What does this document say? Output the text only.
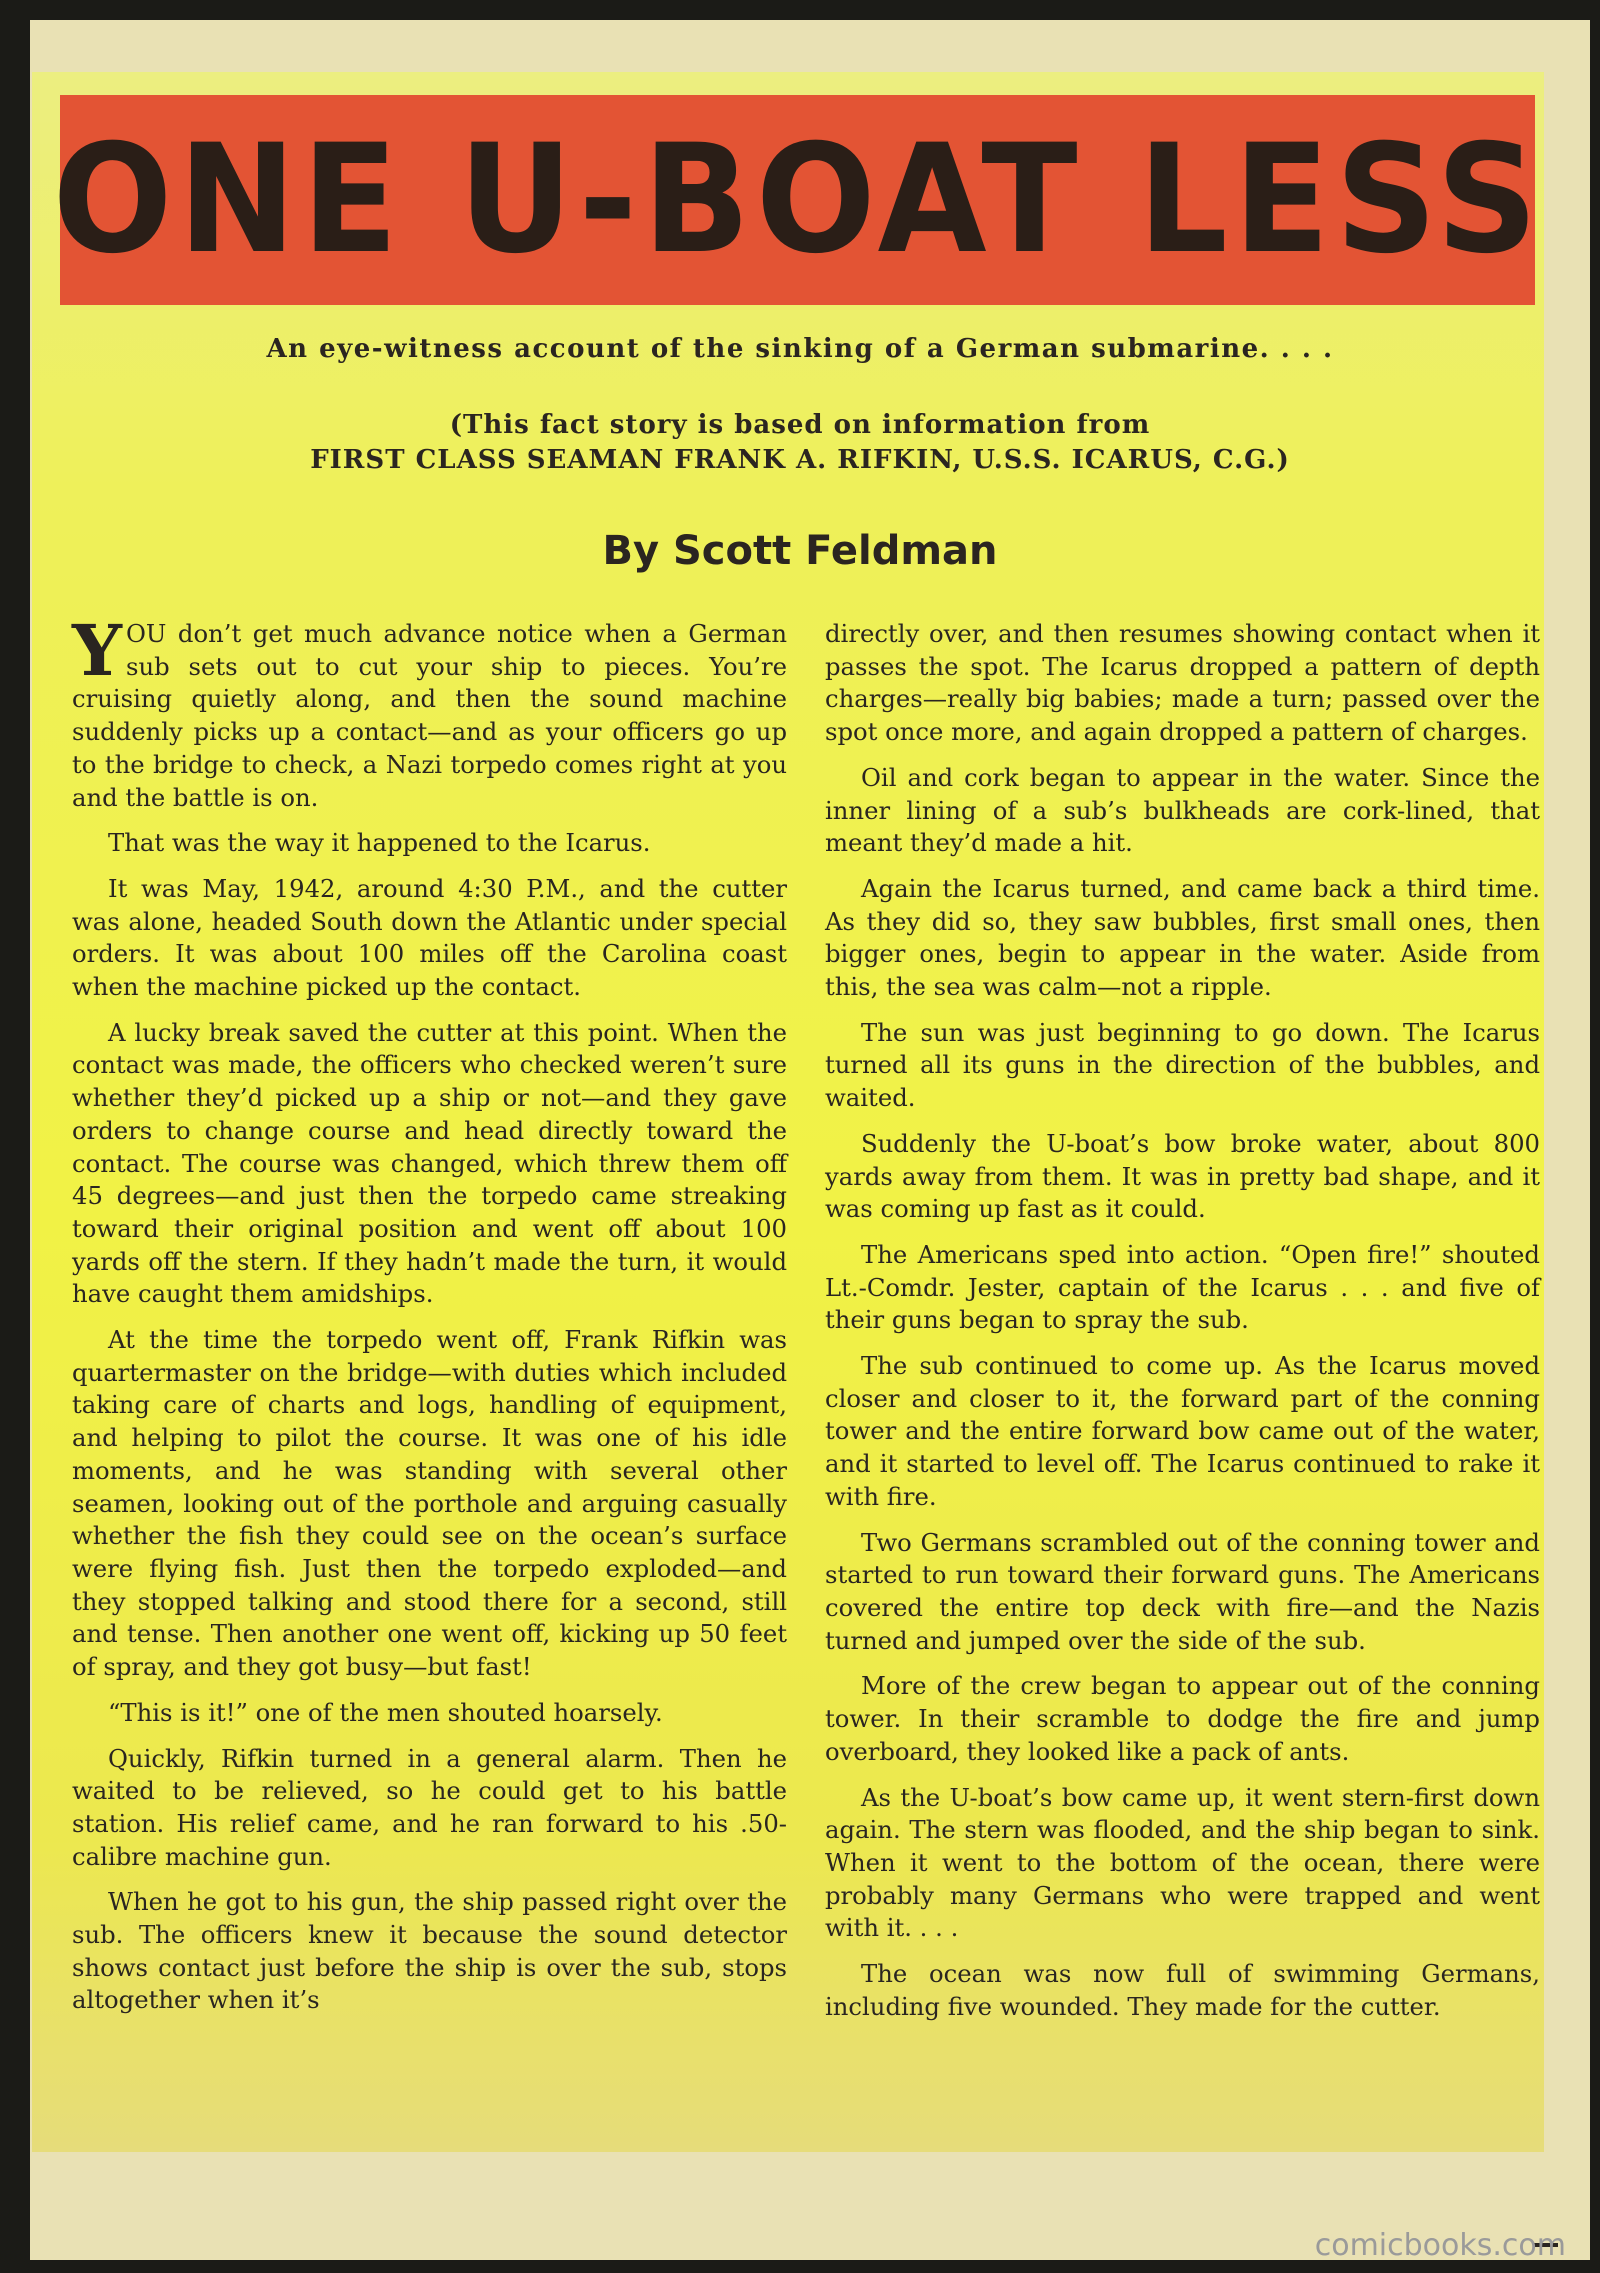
ONE U-BOAT LESS
An eye-witness account of the sinking of a German submarine. . . .
(This fact story is based on information from
FIRST CLASS SEAMAN FRANK A. RIFKIN, U.S.S. ICARUS, C.G.)
By Scott Feldman

YOU don’t get much advance notice when a German sub sets out to cut your ship to pieces. You’re cruising quietly along, and then the sound machine suddenly picks up a contact—and as your officers go up to the bridge to check, a Nazi torpedo comes right at you and the battle is on.

That was the way it happened to the Icarus.

It was May, 1942, around 4:30 P.M., and the cutter was alone, headed South down the Atlantic under special orders. It was about 100 miles off the Carolina coast when the machine picked up the contact.

A lucky break saved the cutter at this point. When the contact was made, the officers who checked weren’t sure whether they’d picked up a ship or not—and they gave orders to change course and head directly toward the contact. The course was changed, which threw them off 45 degrees—and just then the torpedo came streaking toward their original position and went off about 100 yards off the stern. If they hadn’t made the turn, it would have caught them amidships.

At the time the torpedo went off, Frank Rifkin was quartermaster on the bridge—with duties which included taking care of charts and logs, handling of equipment, and helping to pilot the course. It was one of his idle moments, and he was standing with several other seamen, looking out of the porthole and arguing casually whether the fish they could see on the ocean’s surface were flying fish. Just then the torpedo exploded—and they stopped talking and stood there for a second, still and tense. Then another one went off, kicking up 50 feet of spray, and they got busy—but fast!

“This is it!” one of the men shouted hoarsely.

Quickly, Rifkin turned in a general alarm. Then he waited to be relieved, so he could get to his battle station. His relief came, and he ran forward to his .50-calibre machine gun.

When he got to his gun, the ship passed right over the sub. The officers knew it because the sound detector shows contact just before the ship is over the sub, stops altogether when it’s

directly over, and then resumes showing contact when it passes the spot. The Icarus dropped a pattern of depth charges—really big babies; made a turn; passed over the spot once more, and again dropped a pattern of charges.

Oil and cork began to appear in the water. Since the inner lining of a sub’s bulkheads are cork-lined, that meant they’d made a hit.

Again the Icarus turned, and came back a third time. As they did so, they saw bubbles, first small ones, then bigger ones, begin to appear in the water. Aside from this, the sea was calm—not a ripple.

The sun was just beginning to go down. The Icarus turned all its guns in the direction of the bubbles, and waited.

Suddenly the U-boat’s bow broke water, about 800 yards away from them. It was in pretty bad shape, and it was coming up fast as it could.

The Americans sped into action. “Open fire!” shouted Lt.-Comdr. Jester, captain of the Icarus . . . and five of their guns began to spray the sub.

The sub continued to come up. As the Icarus moved closer and closer to it, the forward part of the conning tower and the entire forward bow came out of the water, and it started to level off. The Icarus continued to rake it with fire.

Two Germans scrambled out of the conning tower and started to run toward their forward guns. The Americans covered the entire top deck with fire—and the Nazis turned and jumped over the side of the sub.

More of the crew began to appear out of the conning tower. In their scramble to dodge the fire and jump overboard, they looked like a pack of ants.

As the U-boat’s bow came up, it went stern-first down again. The stern was flooded, and the ship began to sink. When it went to the bottom of the ocean, there were probably many Germans who were trapped and went with it. . . .

The ocean was now full of swimming Germans, including five wounded. They made for the cutter.

comicbooks.com
